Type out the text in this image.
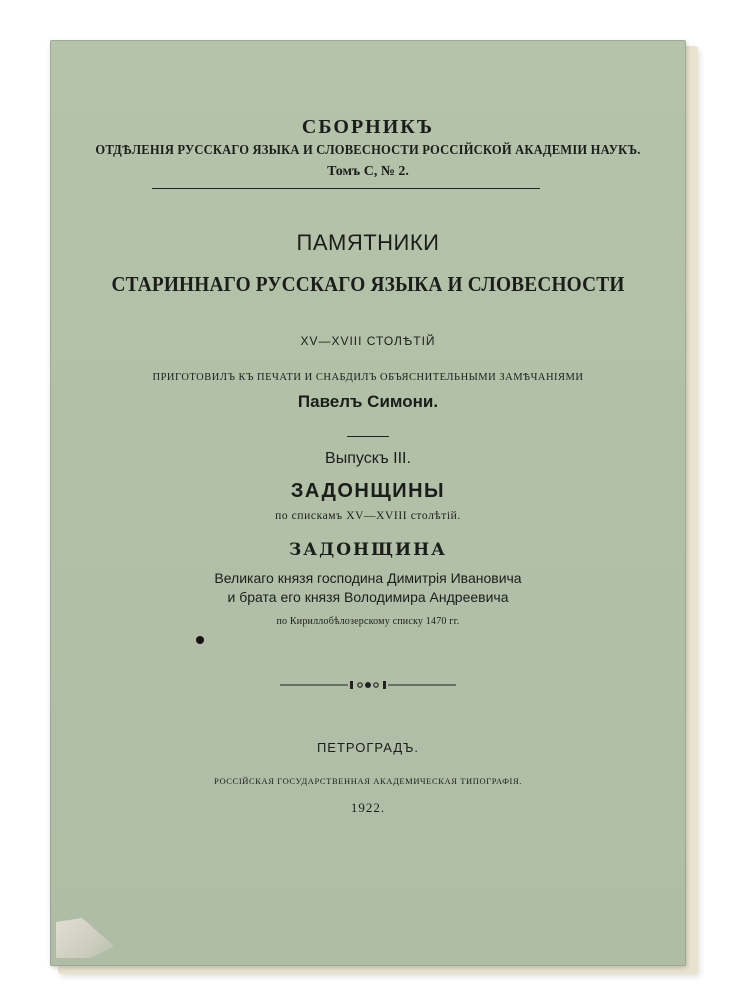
СБОРНИКЪ
ОТДѢЛЕНІЯ РУССКАГО ЯЗЫКА И СЛОВЕСНОСТИ РОССІЙСКОЙ АКАДЕМІИ НАУКЪ.
Томъ С, № 2.
ПАМЯТНИКИ
СТАРИННАГО РУССКАГО ЯЗЫКА И СЛОВЕСНОСТИ
XV—XVIII СТОЛѢТІЙ
ПРИГОТОВИЛЪ КЪ ПЕЧАТИ И СНАБДИЛЪ ОБЪЯСНИТЕЛЬНЫМИ ЗАМѢЧАНІЯМИ
Павелъ Симони.
Выпускъ III.
ЗАДОНЩИНЫ
по спискамъ XV—XVIII столѣтій.
ЗАДОНЩИНА
Великаго князя господина Димитрія Ивановича
и брата его князя Володимира Андреевича
по Кириллобѣлозерскому списку 1470 гг.
ПЕТРОГРАДЪ.
РОССІЙСКАЯ ГОСУДАРСТВЕННАЯ АКАДЕМИЧЕСКАЯ ТИПОГРАФІЯ.
1922.
